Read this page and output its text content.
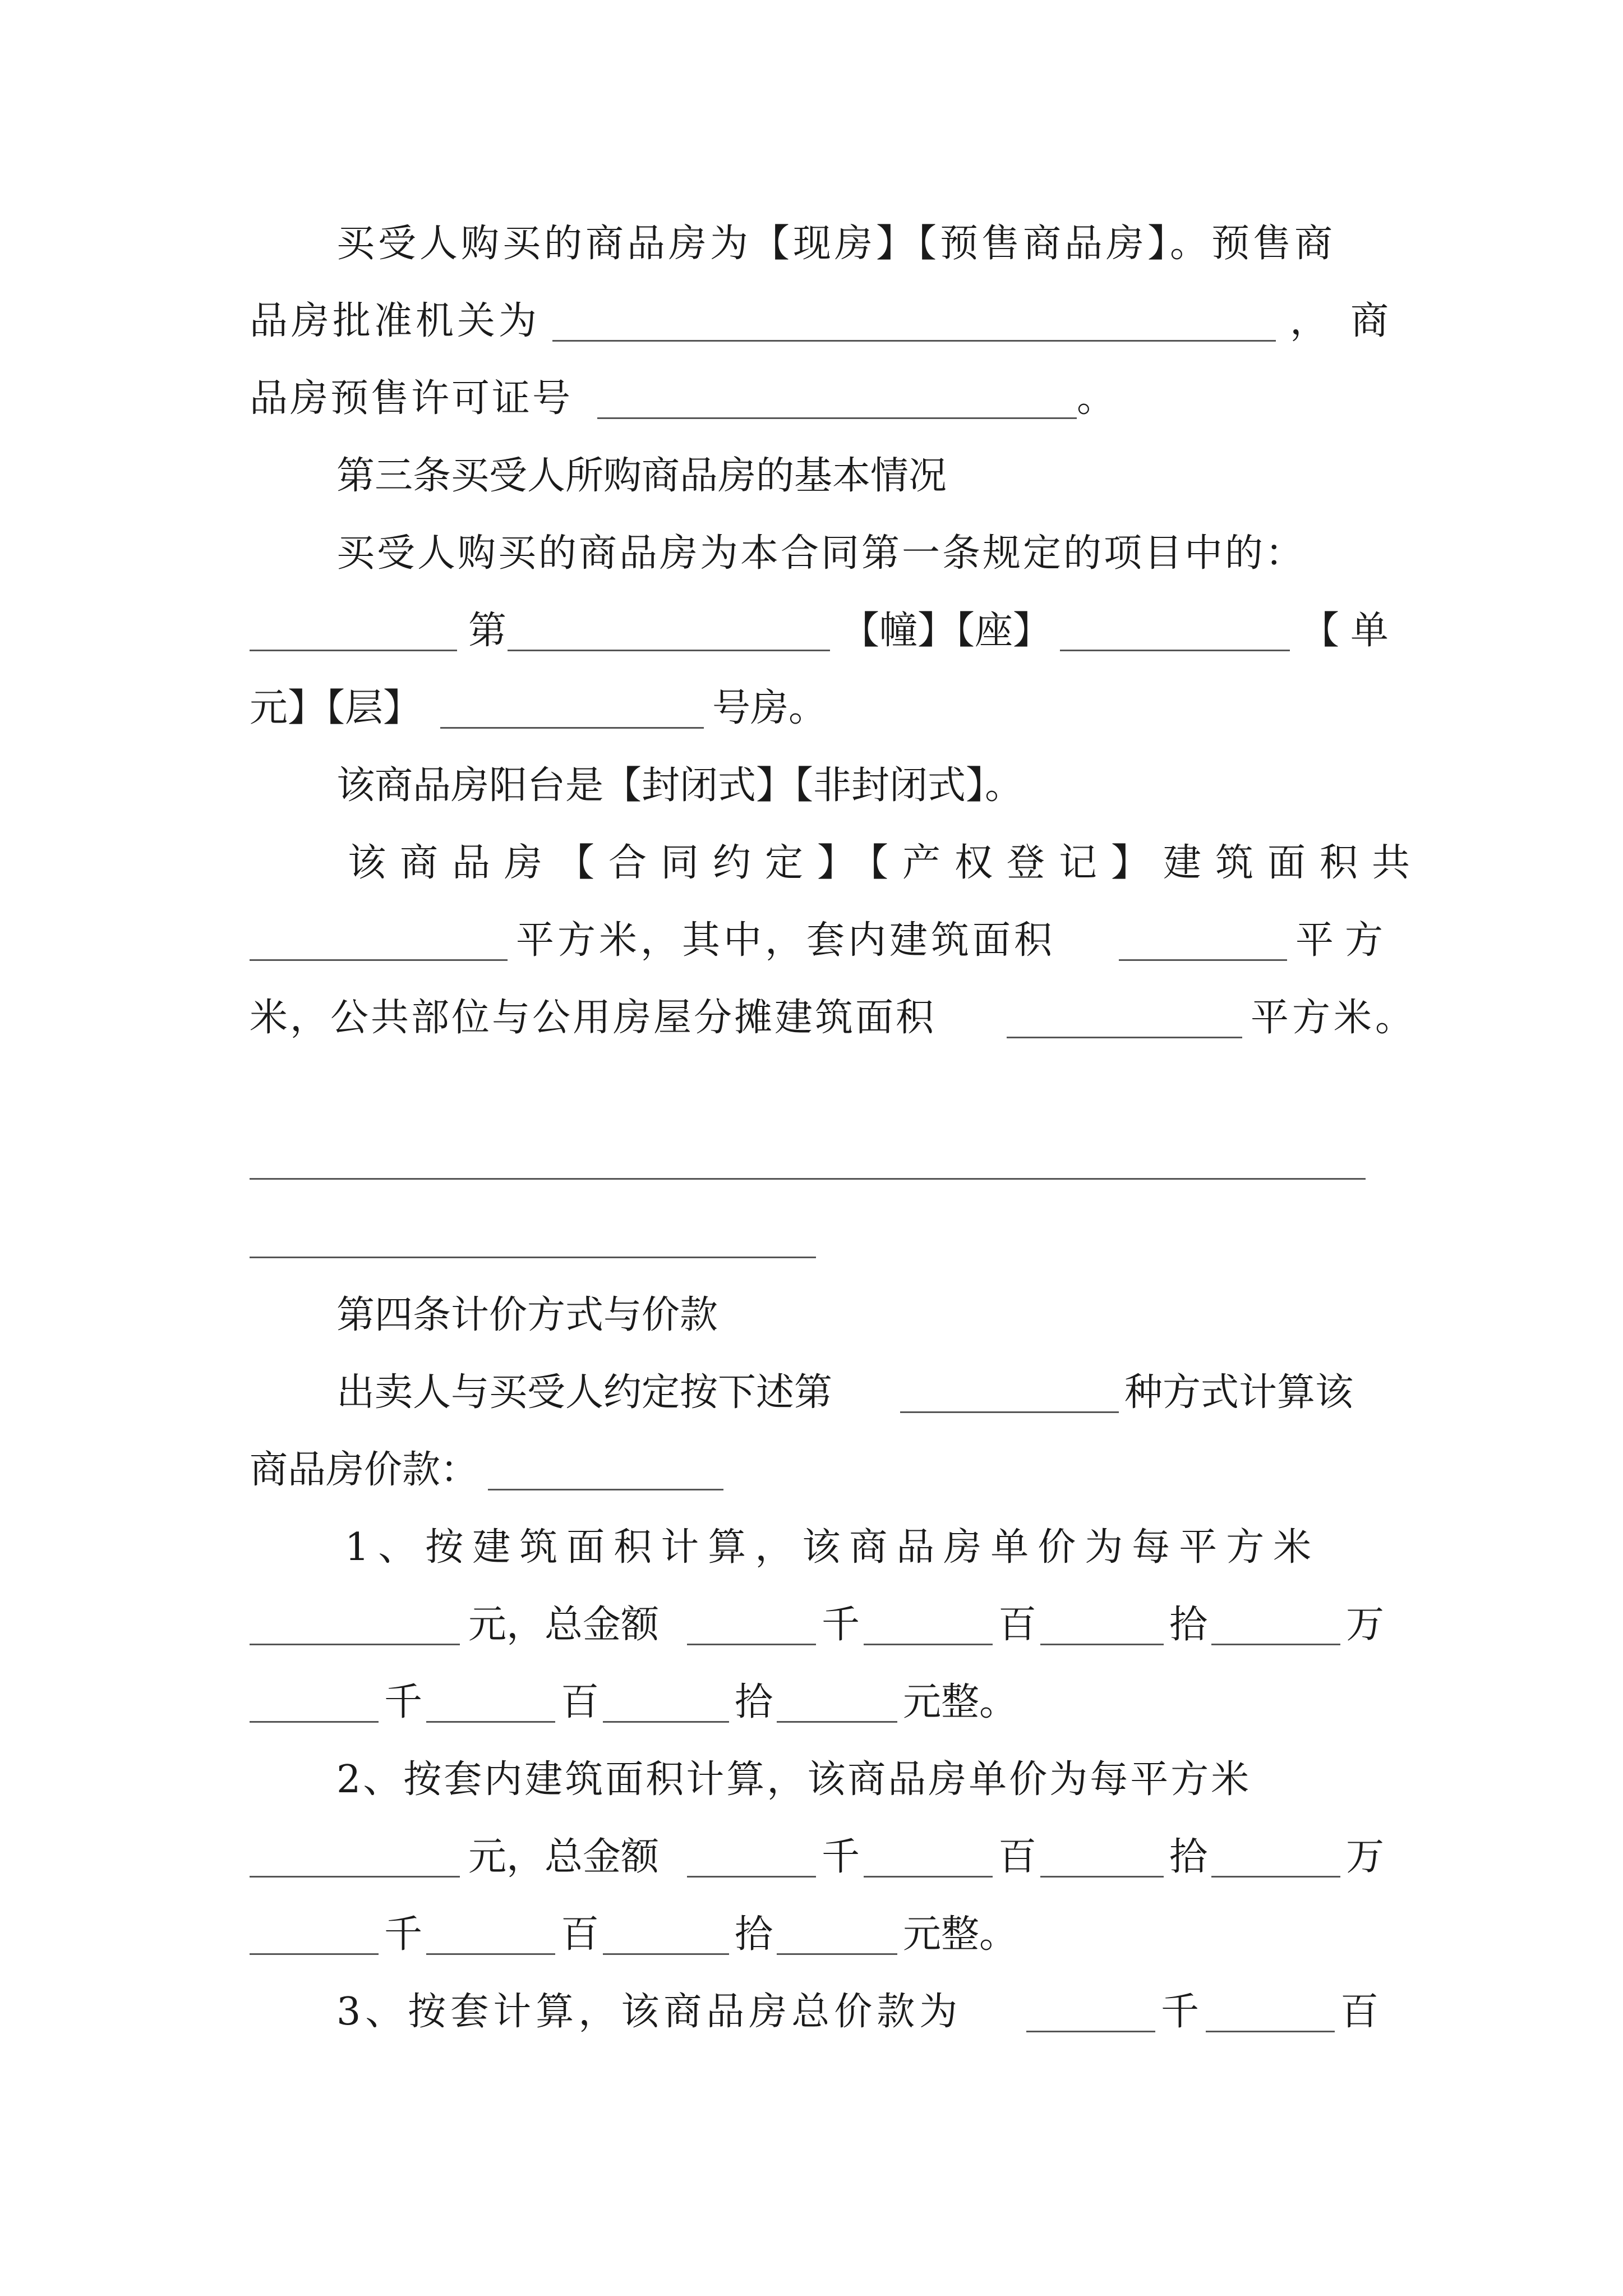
买受人购买的商品房为【现房】【预售商品房】。预售商
品房批准机关为	，商
品房预售许可证号	。
第三条买受人所购商品房的基本情况
买受人购买的商品房为本合同第一条规定的项目中的：
第	【幢】【座】	【单
元】【层】	号房。
该商品房阳台是【封闭式】【非封闭式】。
该商品房【合同约定】【产权登记】建筑面积共
平方米，其中，套内建筑面积	平方
米，公共部位与公用房屋分摊建筑面积	平方米。
第四条计价方式与价款
出卖人与买受人约定按下述第	种方式计算该
商品房价款：
1、按建筑面积计算，该商品房单价为每平方米
元，总金额	千	百	拾	万
千	百	拾	元整。
2、按套内建筑面积计算，该商品房单价为每平方米
元，总金额	千	百	拾	万
千	百	拾	元整。
3、按套计算，该商品房总价款为	千	百
